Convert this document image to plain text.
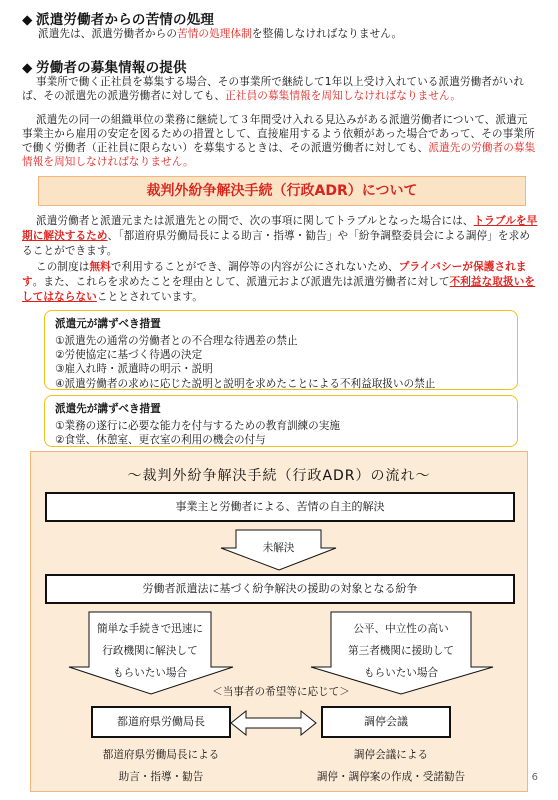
◆ 派遣労働者からの苦情の処理
派遣先は、派遣労働者からの苦情の処理体制を整備しなければなりません。
◆ 労働者の募集情報の提供
事業所で働く正社員を募集する場合、その事業所で継続して1年以上受け入れている派遣労働者がいれば、その派遣先の派遣労働者に対しても、正社員の募集情報を周知しなければなりません。
派遣先の同一の組織単位の業務に継続して３年間受け入れる見込みがある派遣労働者について、派遣元事業主から雇用の安定を図るための措置として、直接雇用するよう依頼があった場合であって、その事業所で働く労働者（正社員に限らない）を募集するときは、その派遣労働者に対しても、派遣先の労働者の募集情報を周知しなければなりません。
裁判外紛争解決手続（行政ADR）について
派遣労働者と派遣元または派遣先との間で、次の事項に関してトラブルとなった場合には、トラブルを早期に解決するため、「都道府県労働局長による助言・指導・勧告」や「紛争調整委員会による調停」を求めることができます。
この制度は無料で利用することができ、調停等の内容が公にされないため、プライバシーが保護されます。また、これらを求めたことを理由として、派遣元および派遣先は派遣労働者に対して不利益な取扱いをしてはならないこととされています。
派遣元が講ずべき措置
①派遣先の通常の労働者との不合理な待遇差の禁止
②労使協定に基づく待遇の決定
③雇入れ時・派遣時の明示・説明
④派遣労働者の求めに応じた説明と説明を求めたことによる不利益取扱いの禁止
派遣先が講ずべき措置
①業務の遂行に必要な能力を付与するための教育訓練の実施
②食堂、休憩室、更衣室の利用の機会の付与
～裁判外紛争解決手続（行政ADR）の流れ～
事業主と労働者による、苦情の自主的解決
未解決
労働者派遣法に基づく紛争解決の援助の対象となる紛争
簡単な手続きで迅速に
行政機関に解決して
もらいたい場合
公平、中立性の高い
第三者機関に援助して
もらいたい場合
＜当事者の希望等に応じて＞
都道府県労働局長	調停会議
都道府県労働局長による
助言・指導・勧告
調停会議による
調停・調停案の作成・受諾勧告	6
